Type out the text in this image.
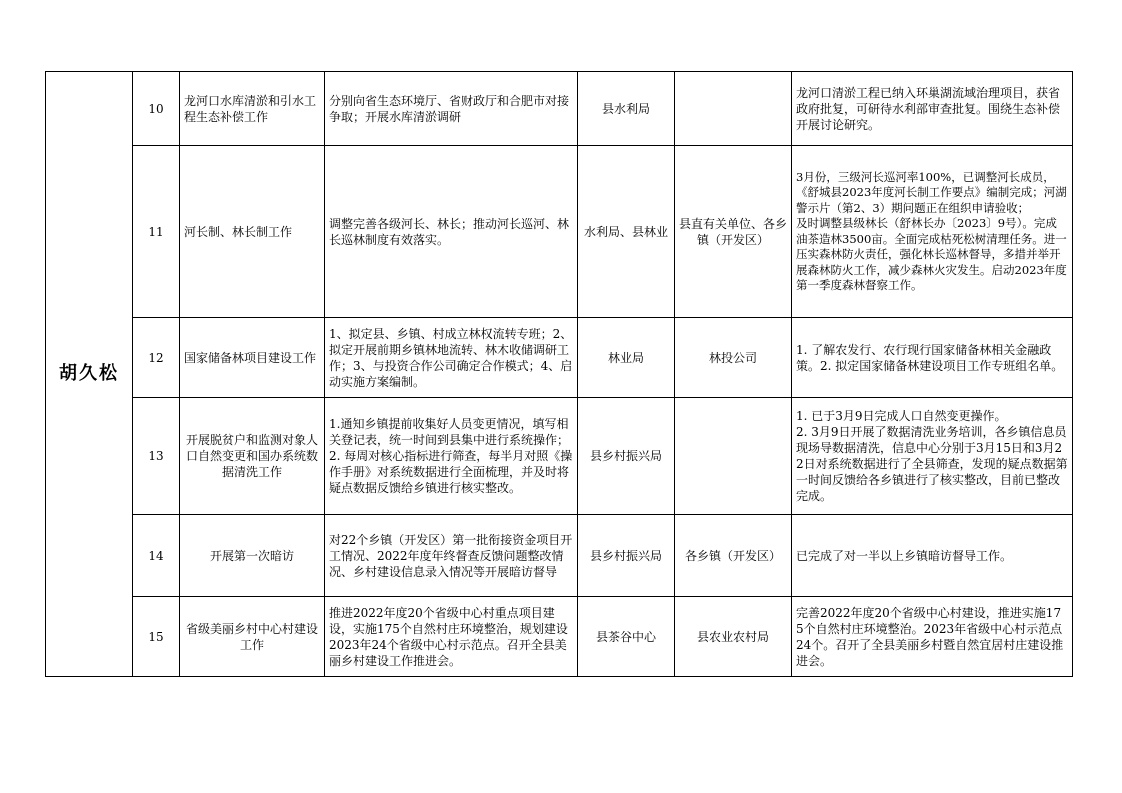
胡久松	10	龙河口水库清淤和引水工程生态补偿工作	分别向省生态环境厅、省财政厅和合肥市对接争取；开展水库清淤调研	县水利局		龙河口清淤工程已纳入环巢湖流域治理项目，获省政府批复，可研待水利部审查批复。围绕生态补偿开展讨论研究。
	11	河长制、林长制工作	调整完善各级河长、林长；推动河长巡河、林长巡林制度有效落实。	水利局、县林业	县直有关单位、各乡镇（开发区）	3月份，三级河长巡河率100%，已调整河长成员，《舒城县2023年度河长制工作要点》编制完成；河湖警示片（第2、3）期问题正在组织申请验收；　　　　　　及时调整县级林长（舒林长办〔2023〕9号）。完成油茶造林3500亩。全面完成枯死松树清理任务。进一压实森林防火责任，强化林长巡林督导，多措并举开展森林防火工作，减少森林火灾发生。启动2023年度第一季度森林督察工作。
	12	国家储备林项目建设工作	1、拟定县、乡镇、村成立林权流转专班；2、拟定开展前期乡镇林地流转、林木收储调研工作；3、与投资合作公司确定合作模式；4、启动实施方案编制。	林业局	林投公司	1. 了解农发行、农行现行国家储备林相关金融政策。2. 拟定国家储备林建设项目工作专班组名单。
	13	开展脱贫户和监测对象人口自然变更和国办系统数据清洗工作	1.通知乡镇提前收集好人员变更情况，填写相关登记表，统一时间到县集中进行系统操作；2. 每周对核心指标进行筛查，每半月对照《操作手册》对系统数据进行全面梳理，并及时将疑点数据反馈给乡镇进行核实整改。	县乡村振兴局		1. 已于3月9日完成人口自然变更操作。
2. 3月9日开展了数据清洗业务培训，各乡镇信息员现场导数据清洗，信息中心分别于3月15日和3月22日对系统数据进行了全县筛查，发现的疑点数据第一时间反馈给各乡镇进行了核实整改，目前已整改完成。
	14	开展第一次暗访	对22个乡镇（开发区）第一批衔接资金项目开工情况、2022年度年终督查反馈问题整改情况、乡村建设信息录入情况等开展暗访督导	县乡村振兴局	各乡镇（开发区）	已完成了对一半以上乡镇暗访督导工作。
	15	省级美丽乡村中心村建设工作	推进2022年度20个省级中心村重点项目建设，实施175个自然村庄环境整治，规划建设2023年24个省级中心村示范点。召开全县美丽乡村建设工作推进会。	县茶谷中心	县农业农村局	完善2022年度20个省级中心村建设，推进实施175个自然村庄环境整治。2023年省级中心村示范点24个。召开了全县美丽乡村暨自然宜居村庄建设推进会。
